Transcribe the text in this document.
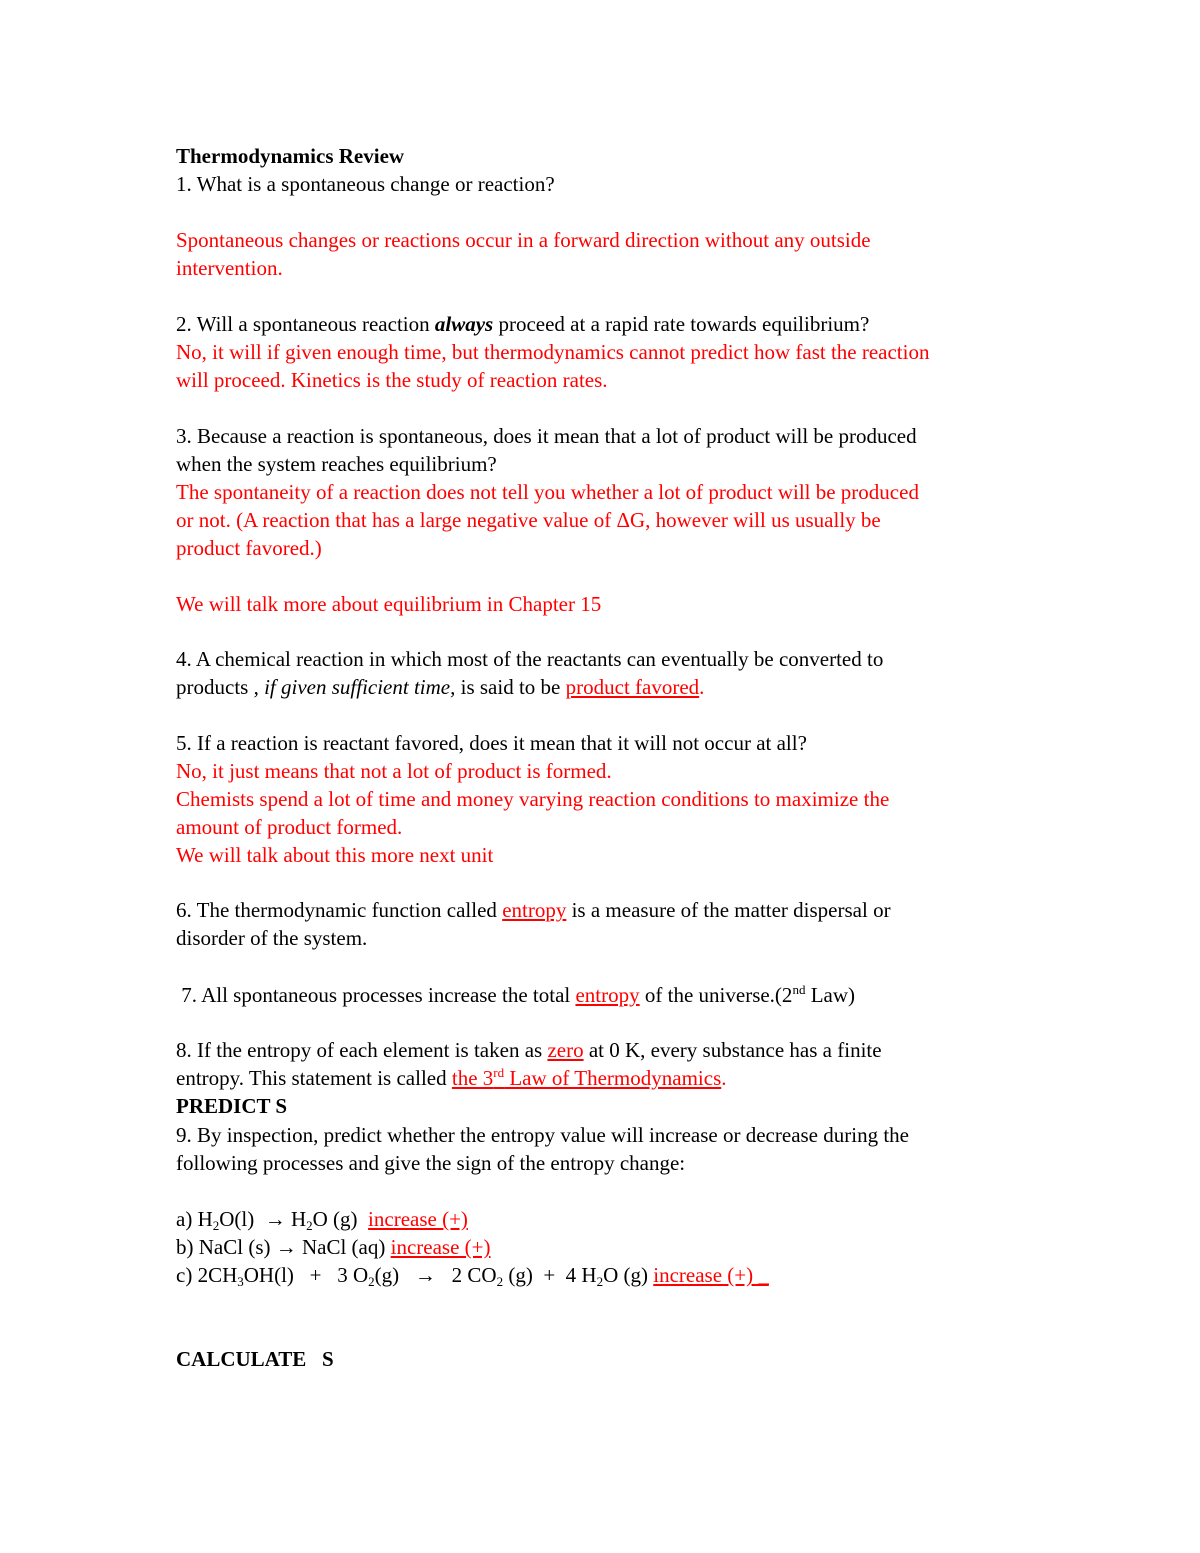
Thermodynamics Review
1. What is a spontaneous change or reaction?
Spontaneous changes or reactions occur in a forward direction without any outside
intervention.
2. Will a spontaneous reaction always proceed at a rapid rate towards equilibrium?
No, it will if given enough time, but thermodynamics cannot predict how fast the reaction
will proceed. Kinetics is the study of reaction rates.
3. Because a reaction is spontaneous, does it mean that a lot of product will be produced
when the system reaches equilibrium?
The spontaneity of a reaction does not tell you whether a lot of product will be produced
or not. (A reaction that has a large negative value of ΔG, however will us usually be
product favored.)
We will talk more about equilibrium in Chapter 15
4. A chemical reaction in which most of the reactants can eventually be converted to
products , if given sufficient time, is said to be product favored.
5. If a reaction is reactant favored, does it mean that it will not occur at all?
No, it just means that not a lot of product is formed.
Chemists spend a lot of time and money varying reaction conditions to maximize the
amount of product formed.
We will talk about this more next unit
6. The thermodynamic function called entropy is a measure of the matter dispersal or
disorder of the system.
7. All spontaneous processes increase the total entropy of the universe.(2nd Law)
8. If the entropy of each element is taken as zero at 0 K, every substance has a finite
entropy. This statement is called the 3rd Law of Thermodynamics.
PREDICT S
9. By inspection, predict whether the entropy value will increase or decrease during the
following processes and give the sign of the entropy change:
a) $H_2O(l) \to H_2O$ (g)  increase (+)
b) NaCl (s) → NaCl (aq) increase (+)
c) $2CH_3OH(l) + 3$ $O_2(g) \to 2$ $CO_2$ (g)  +  4 $H_2O$ (g) increase (+) _
CALCULATE   S
